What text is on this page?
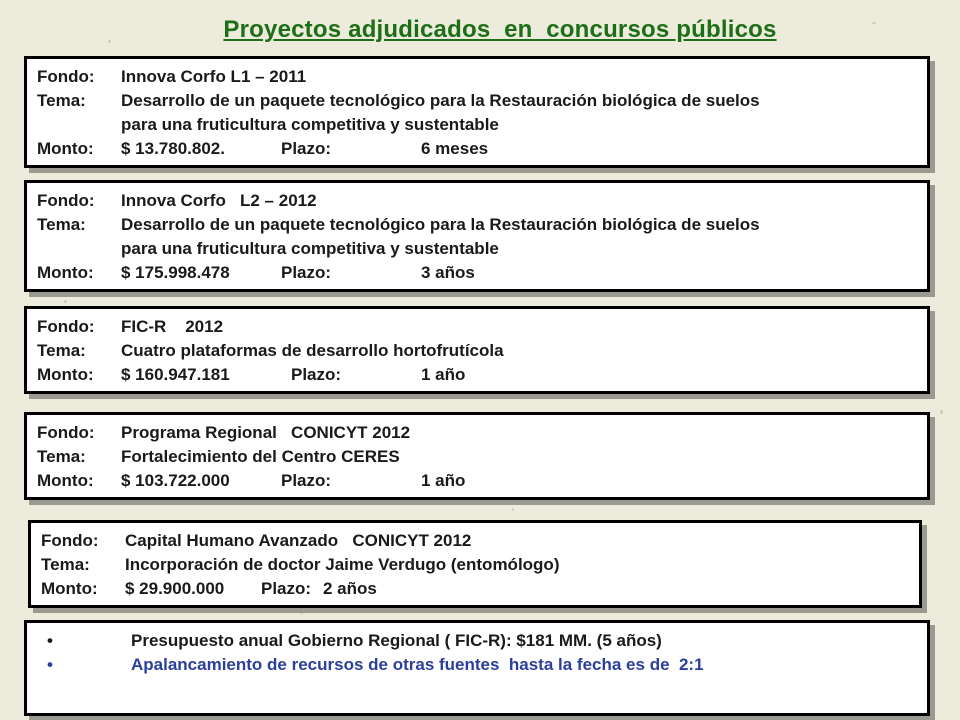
Proyectos adjudicados  en  concursos públicos
Fondo: Innova Corfo L1 – 2011
Tema: Desarrollo de un paquete tecnológico para la Restauración biológica de suelos
para una fruticultura competitiva y sustentable
Monto: $ 13.780.802.	Plazo:	6 meses
Fondo: Innova Corfo   L2 – 2012
Tema: Desarrollo de un paquete tecnológico para la Restauración biológica de suelos
para una fruticultura competitiva y sustentable
Monto: $ 175.998.478	Plazo:	3 años
Fondo: FIC-R    2012
Tema: Cuatro plataformas de desarrollo hortofrutícola
Monto: $ 160.947.181	Plazo:	1 año
Fondo: Programa Regional   CONICYT 2012
Tema: Fortalecimiento del Centro CERES
Monto: $ 103.722.000	Plazo:	1 año
Fondo: Capital Humano Avanzado   CONICYT 2012
Tema: Incorporación de doctor Jaime Verdugo (entomólogo)
Monto: $ 29.900.000 Plazo: 2 años
•	Presupuesto anual Gobierno Regional ( FIC-R): $181 MM. (5 años)
•	Apalancamiento de recursos de otras fuentes  hasta la fecha es de  2:1
